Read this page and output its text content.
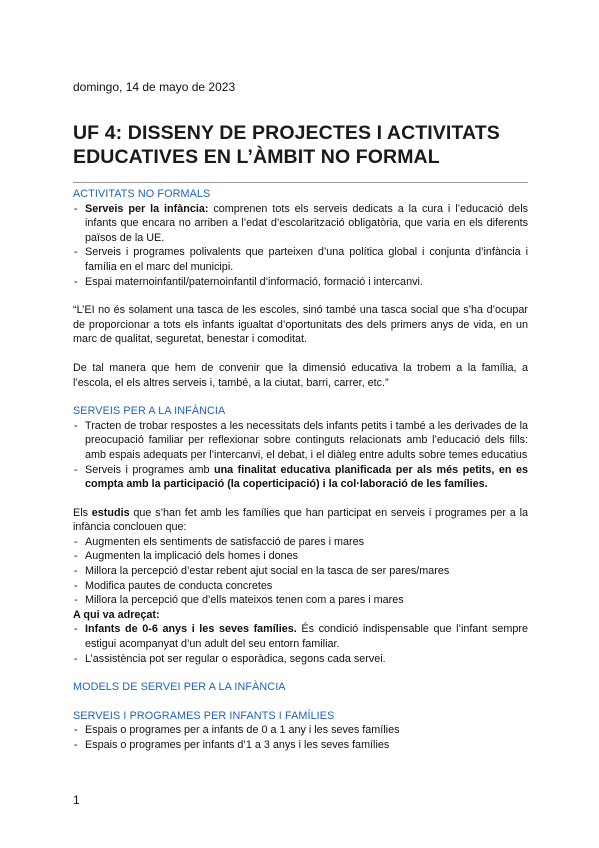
domingo, 14 de mayo de 2023
UF 4: DISSENY DE PROJECTES I ACTIVITATS EDUCATIVES EN L’ÀMBIT NO FORMAL
ACTIVITATS NO FORMALS
- Serveis per la infància: comprenen tots els serveis dedicats a la cura i l’educació dels infants que encara no arriben a l’edat d’escolarització obligatòria, que varia en els diferents països de la UE.
- Serveis i programes polivalents que parteixen d’una política global i conjunta d’infància i família en el marc del municipi.
- Espai maternoinfantil/paternoinfantil d’informació, formació i intercanvi.

“L’EI no és solament una tasca de les escoles, sinó també una tasca social que s’ha d’ocupar de proporcionar a tots els infants igualtat d’oportunitats des dels primers anys de vida, en un marc de qualitat, seguretat, benestar i comoditat.

De tal manera que hem de convenir que la dimensió educativa la trobem a la família, a l’escola, el els altres serveis i, també, a la ciutat, barri, carrer, etc.”

SERVEIS PER A LA INFÀNCIA
- Tracten de trobar respostes a les necessitats dels infants petits i també a les derivades de la preocupació familiar per reflexionar sobre continguts relacionats amb l’educació dels fills: amb espais adequats per l’intercanvi, el debat, i el diàleg entre adults sobre temes educatius
- Serveis i programes amb una finalitat educativa planificada per als més petits, en es compta amb la participació (la coperticipació) i la col·laboració de les famílies.

Els estudis que s’han fet amb les famílies que han participat en serveis i programes per a la infància conclouen que:

- Augmenten els sentiments de satisfacció de pares i mares
- Augmenten la implicació dels homes i dones
- Millora la percepció d’estar rebent ajut social en la tasca de ser pares/mares
- Modifica pautes de conducta concretes
- Millora la percepció que d’ells mateixos tenen com a pares i mares
A qui va adreçat:
- Infants de 0-6 anys i les seves famílies. És condició indispensable que l’infant sempre estigui acompanyat d’un adult del seu entorn familiar.
- L’assistència pot ser regular o esporàdica, segons cada servei.
MODELS DE SERVEI PER A LA INFÀNCIA
SERVEIS I PROGRAMES PER INFANTS I FAMÍLIES
- Espais o programes per a infants de 0 a 1 any i les seves famílies
- Espais o programes per infants d’1 a 3 anys i les seves famílies
1
